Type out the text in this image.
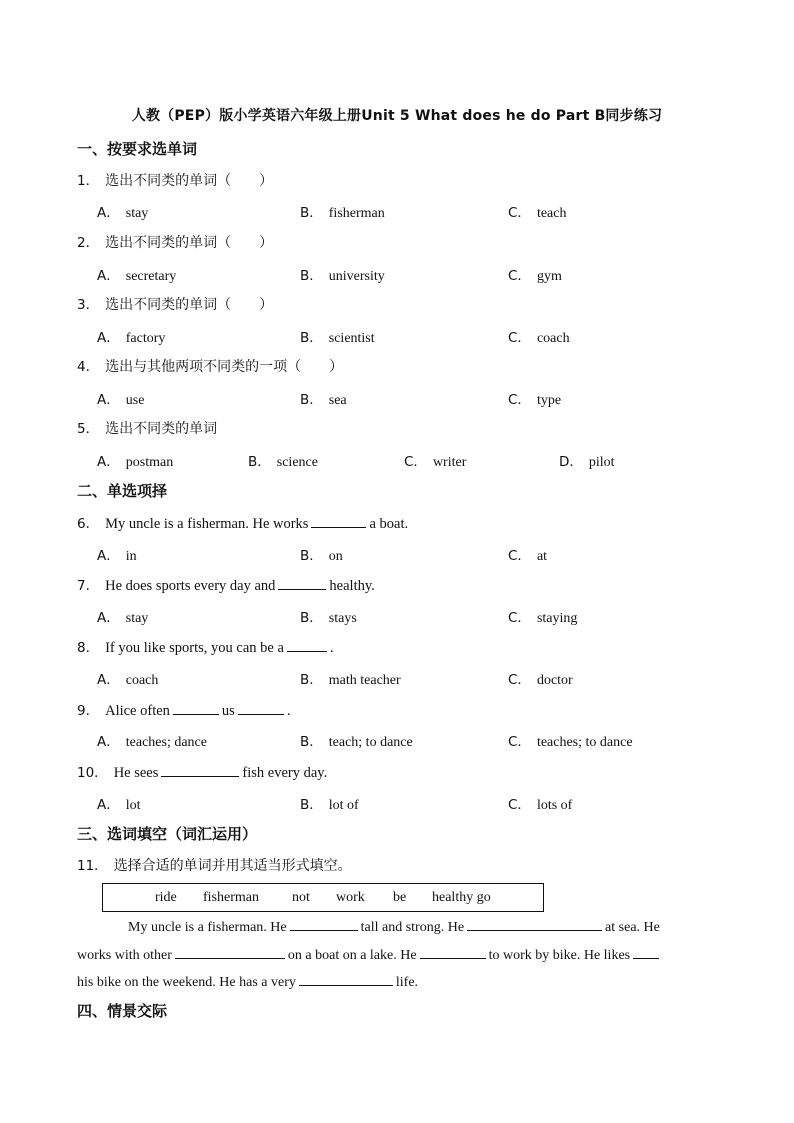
人教（PEP）版小学英语六年级上册Unit 5 What does he do Part B同步练习
一、按要求选单词
1． 选出不同类的单词（　　）
A． stay	B． fisherman	C． teach
2． 选出不同类的单词（　　）
A． secretary	B． university	C． gym
3． 选出不同类的单词（　　）
A． factory	B． scientist	C． coach
4． 选出与其他两项不同类的一项（　　）
A． use	B． sea	C． type
5． 选出不同类的单词
A． postman	B． science	C． writer	D． pilot
二、单选项择
6． My uncle is a fisherman. He works	a boat.
A． in	B． on	C． at
7． He does sports every day and	healthy.
A． stay	B． stays	C． staying
8． If you like sports, you can be a	.
A． coach	B． math teacher	C． doctor
9． Alice often	us	.
A． teaches; dance	B． teach; to dance	C． teaches; to dance
10． He sees	fish every day.
A． lot	B． lot of	C． lots of
三、选词填空（词汇运用）
11． 选择合适的单词并用其适当形式填空。
ride fisherman not work be healthy go
My uncle is a fisherman. He	tall and strong. He	at sea. He
works with other	on a boat on a lake. He	to work by bike. He likes
his bike on the weekend. He has a very	life.
四、情景交际
